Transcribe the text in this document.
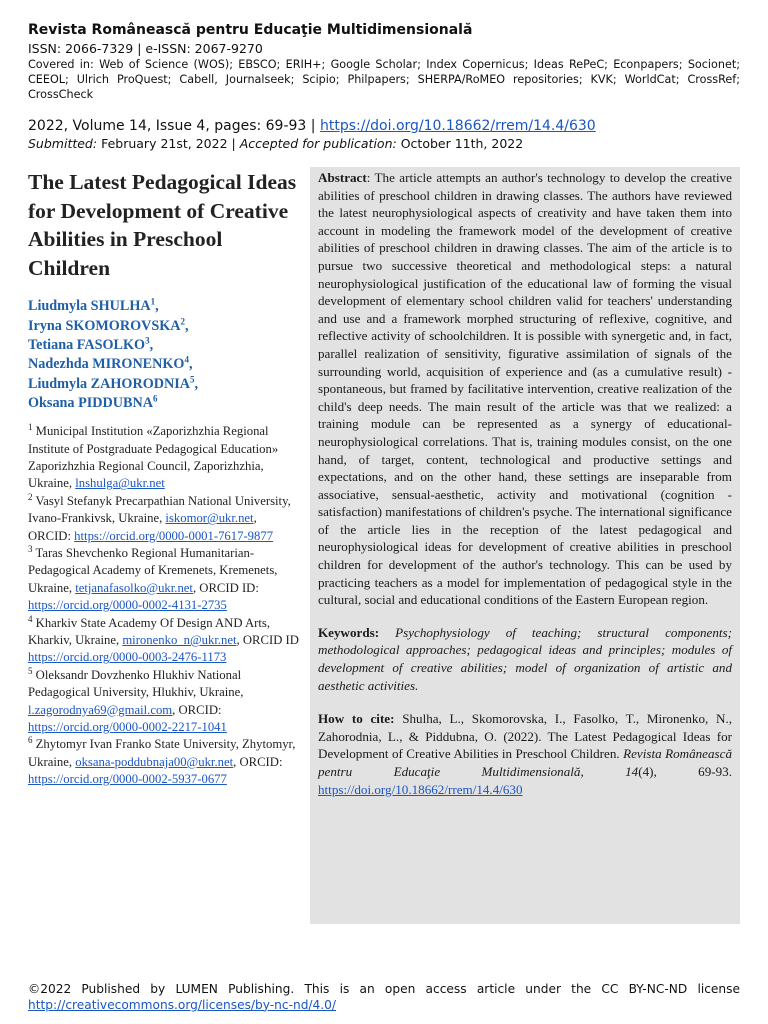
Revista Românească pentru Educaţie Multidimensională

ISSN: 2066-7329 | e-ISSN: 2067-9270

Covered in: Web of Science (WOS); EBSCO; ERIH+; Google Scholar; Index Copernicus; Ideas RePeC; Econpapers; Socionet; CEEOL; Ulrich ProQuest; Cabell, Journalseek; Scipio; Philpapers; SHERPA/RoMEO repositories; KVK; WorldCat; CrossRef; CrossCheck

2022, Volume 14, Issue 4, pages: 69-93 | https://doi.org/10.18662/rrem/14.4/630

Submitted: February 21st, 2022 | Accepted for publication: October 11th, 2022

The Latest Pedagogical Ideas for Development of Creative Abilities in Preschool Children
Liudmyla SHULHA$^1$,
Iryna SKOMOROVSKA$^2$,
Tetiana FASOLKO$^3$,
Nadezhda MIRONENKO$^4$,
Liudmyla ZAHORODNIA$^5$,
Oksana PIDDUBNA$^6$
$^1$ Municipal Institution «Zaporizhzhia Regional Institute of Postgraduate Pedagogical Education» Zaporizhzhia Regional Council, Zaporizhzhia, Ukraine, lnshulga@ukr.net
$^2$ Vasyl Stefanyk Precarpathian National University, Ivano-Frankivsk, Ukraine, iskomor@ukr.net, ORCID: https://orcid.org/0000-0001-7617-9877
$^3$ Taras Shevchenko Regional Humanitarian-Pedagogical Academy of Kremenets, Kremenets, Ukraine, tetjanafasolko@ukr.net, ORCID ID: https://orcid.org/0000-0002-4131-2735
$^4$ Kharkiv State Academy Of Design AND Arts, Kharkiv, Ukraine, mironenko_n@ukr.net, ORCID ID https://orcid.org/0000-0003-2476-1173
$^5$ Oleksandr Dovzhenko Hlukhiv National Pedagogical University, Hlukhiv, Ukraine, l.zagorodnya69@gmail.com, ORCID: https://orcid.org/0000-0002-2217-1041
$^6$ Zhytomyr Ivan Franko State University, Zhytomyr, Ukraine, oksana-poddubnaja00@ukr.net, ORCID: https://orcid.org/0000-0002-5937-0677

Abstract: The article attempts an author's technology to develop the creative abilities of preschool children in drawing classes. The authors have reviewed the latest neurophysiological aspects of creativity and have taken them into account in modeling the framework model of the development of creative abilities of preschool children in drawing classes. The aim of the article is to pursue two successive theoretical and methodological steps: a natural neurophysiological justification of the educational law of forming the visual development of elementary school children valid for teachers' understanding and use and a framework morphed structuring of reflexive, cognitive, and reflective activity of schoolchildren. It is possible with synergetic and, in fact, parallel realization of sensitivity, figurative assimilation of signals of the surrounding world, acquisition of experience and (as a cumulative result) - spontaneous, but framed by facilitative intervention, creative realization of the child's deep needs. The main result of the article was that we realized: a training module can be represented as a synergy of educational-neurophysiological correlations. That is, training modules consist, on the one hand, of target, content, technological and productive settings and expectations, and on the other hand, these settings are inseparable from associative, sensual-aesthetic, activity and motivational (cognition - satisfaction) manifestations of children's psyche. The international significance of the article lies in the reception of the latest pedagogical and neurophysiological ideas for development of creative abilities in preschool children for development of the author's technology. This can be used by practicing teachers as a model for implementation of pedagogical style in the cultural, social and educational conditions of the Eastern European region.

Keywords: Psychophysiology of teaching; structural components; methodological approaches; pedagogical ideas and principles; modules of development of creative abilities; model of organization of artistic and aesthetic activities.

How to cite: Shulha, L., Skomorovska, I., Fasolko, T., Mironenko, N., Zahorodnia, L., & Piddubna, O. (2022). The Latest Pedagogical Ideas for Development of Creative Abilities in Preschool Children. Revista Românească pentru Educaţie Multidimensională, 14(4), 69-93. https://doi.org/10.18662/rrem/14.4/630

©2022 Published by LUMEN Publishing. This is an open access article under the CC BY-NC-ND license
http://creativecommons.org/licenses/by-nc-nd/4.0/
